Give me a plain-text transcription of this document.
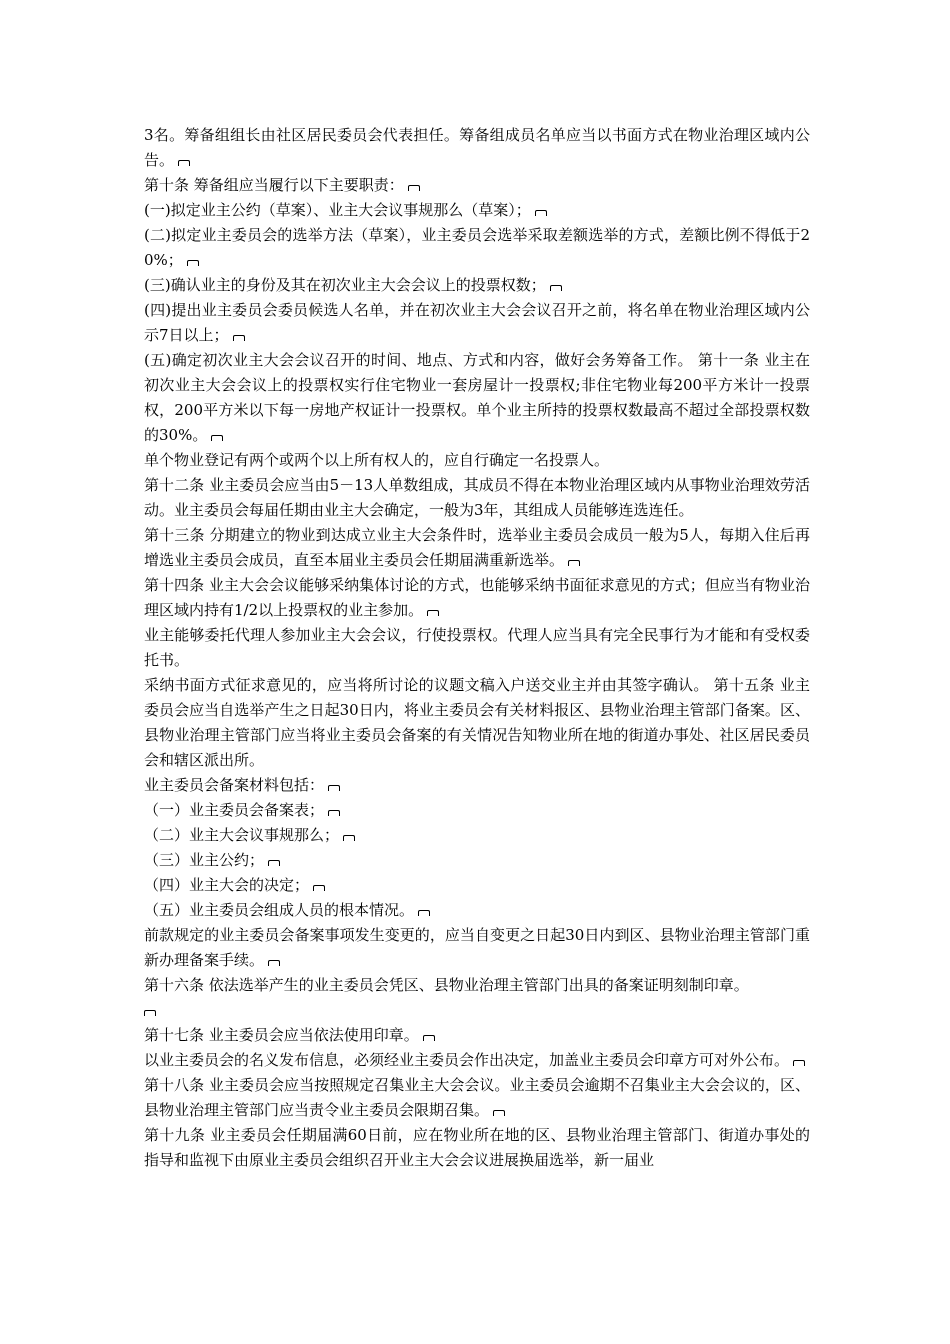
3名。筹备组组长由社区居民委员会代表担任。筹备组成员名单应当以书面方式在物业治理区域内公告。

第十条 筹备组应当履行以下主要职责：

(一)拟定业主公约（草案）、业主大会议事规那么（草案）；

(二)拟定业主委员会的选举方法（草案），业主委员会选举采取差额选举的方式，差额比例不得低于20%；

(三)确认业主的身份及其在初次业主大会会议上的投票权数；

(四)提出业主委员会委员候选人名单，并在初次业主大会会议召开之前，将名单在物业治理区域内公示7日以上；

(五)确定初次业主大会会议召开的时间、地点、方式和内容，做好会务筹备工作。 第十一条 业主在初次业主大会会议上的投票权实行住宅物业一套房屋计一投票权;非住宅物业每200平方米计一投票权，200平方米以下每一房地产权证计一投票权。单个业主所持的投票权数最高不超过全部投票权数的30%。

单个物业登记有两个或两个以上所有权人的，应自行确定一名投票人。

第十二条 业主委员会应当由5－13人单数组成，其成员不得在本物业治理区域内从事物业治理效劳活动。业主委员会每届任期由业主大会确定，一般为3年，其组成人员能够连选连任。

第十三条 分期建立的物业到达成立业主大会条件时，选举业主委员会成员一般为5人，每期入住后再增选业主委员会成员，直至本届业主委员会任期届满重新选举。

第十四条 业主大会会议能够采纳集体讨论的方式，也能够采纳书面征求意见的方式；但应当有物业治理区域内持有1/2以上投票权的业主参加。

业主能够委托代理人参加业主大会会议，行使投票权。代理人应当具有完全民事行为才能和有受权委托书。

采纳书面方式征求意见的，应当将所讨论的议题文稿入户送交业主并由其签字确认。 第十五条 业主委员会应当自选举产生之日起30日内，将业主委员会有关材料报区、县物业治理主管部门备案。区、县物业治理主管部门应当将业主委员会备案的有关情况告知物业所在地的街道办事处、社区居民委员会和辖区派出所。

业主委员会备案材料包括：

（一）业主委员会备案表；

（二）业主大会议事规那么；

（三）业主公约；

（四）业主大会的决定；

（五）业主委员会组成人员的根本情况。

前款规定的业主委员会备案事项发生变更的，应当自变更之日起30日内到区、县物业治理主管部门重新办理备案手续。

第十六条 依法选举产生的业主委员会凭区、县物业治理主管部门出具的备案证明刻制印章。

第十七条 业主委员会应当依法使用印章。

以业主委员会的名义发布信息，必须经业主委员会作出决定，加盖业主委员会印章方可对外公布。

第十八条 业主委员会应当按照规定召集业主大会会议。业主委员会逾期不召集业主大会会议的，区、县物业治理主管部门应当责令业主委员会限期召集。

第十九条 业主委员会任期届满60日前，应在物业所在地的区、县物业治理主管部门、街道办事处的指导和监视下由原业主委员会组织召开业主大会会议进展换届选举，新一届业
